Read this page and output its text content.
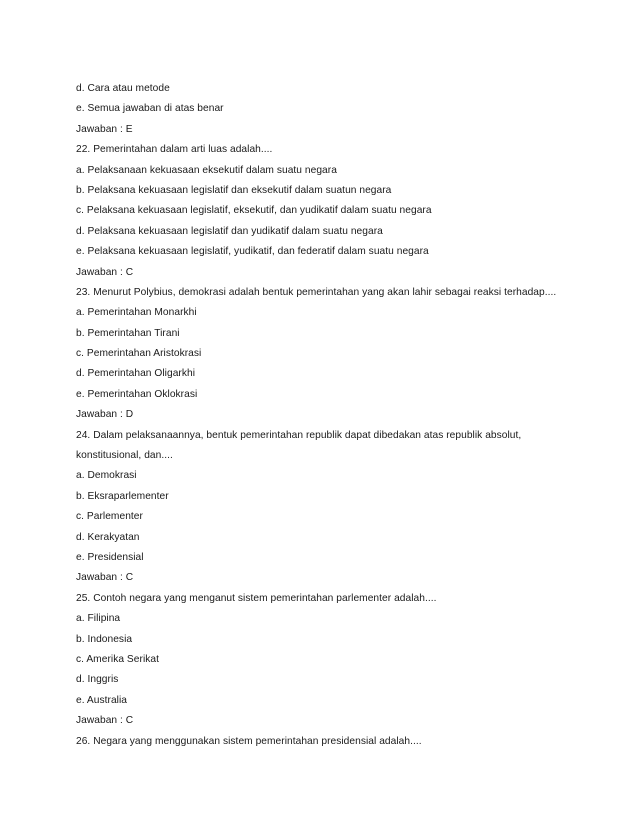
d. Cara atau metode
e. Semua jawaban di atas benar
Jawaban : E
22. Pemerintahan dalam arti luas adalah....
a. Pelaksanaan kekuasaan eksekutif dalam suatu negara
b. Pelaksana kekuasaan legislatif dan eksekutif dalam suatun negara
c. Pelaksana kekuasaan legislatif, eksekutif, dan yudikatif dalam suatu negara
d. Pelaksana kekuasaan legislatif dan yudikatif dalam suatu negara
e. Pelaksana kekuasaan legislatif, yudikatif, dan federatif dalam suatu negara
Jawaban : C
23. Menurut Polybius, demokrasi adalah bentuk pemerintahan yang akan lahir sebagai reaksi terhadap....
a. Pemerintahan Monarkhi
b. Pemerintahan Tirani
c. Pemerintahan Aristokrasi
d. Pemerintahan Oligarkhi
e. Pemerintahan Oklokrasi
Jawaban : D
24. Dalam pelaksanaannya, bentuk pemerintahan republik dapat dibedakan atas republik absolut,
konstitusional, dan....
a. Demokrasi
b. Eksraparlementer
c. Parlementer
d. Kerakyatan
e. Presidensial
Jawaban : C
25. Contoh negara yang menganut sistem pemerintahan parlementer adalah....
a. Filipina
b. Indonesia
c. Amerika Serikat
d. Inggris
e. Australia
Jawaban : C
26. Negara yang menggunakan sistem pemerintahan presidensial adalah....
